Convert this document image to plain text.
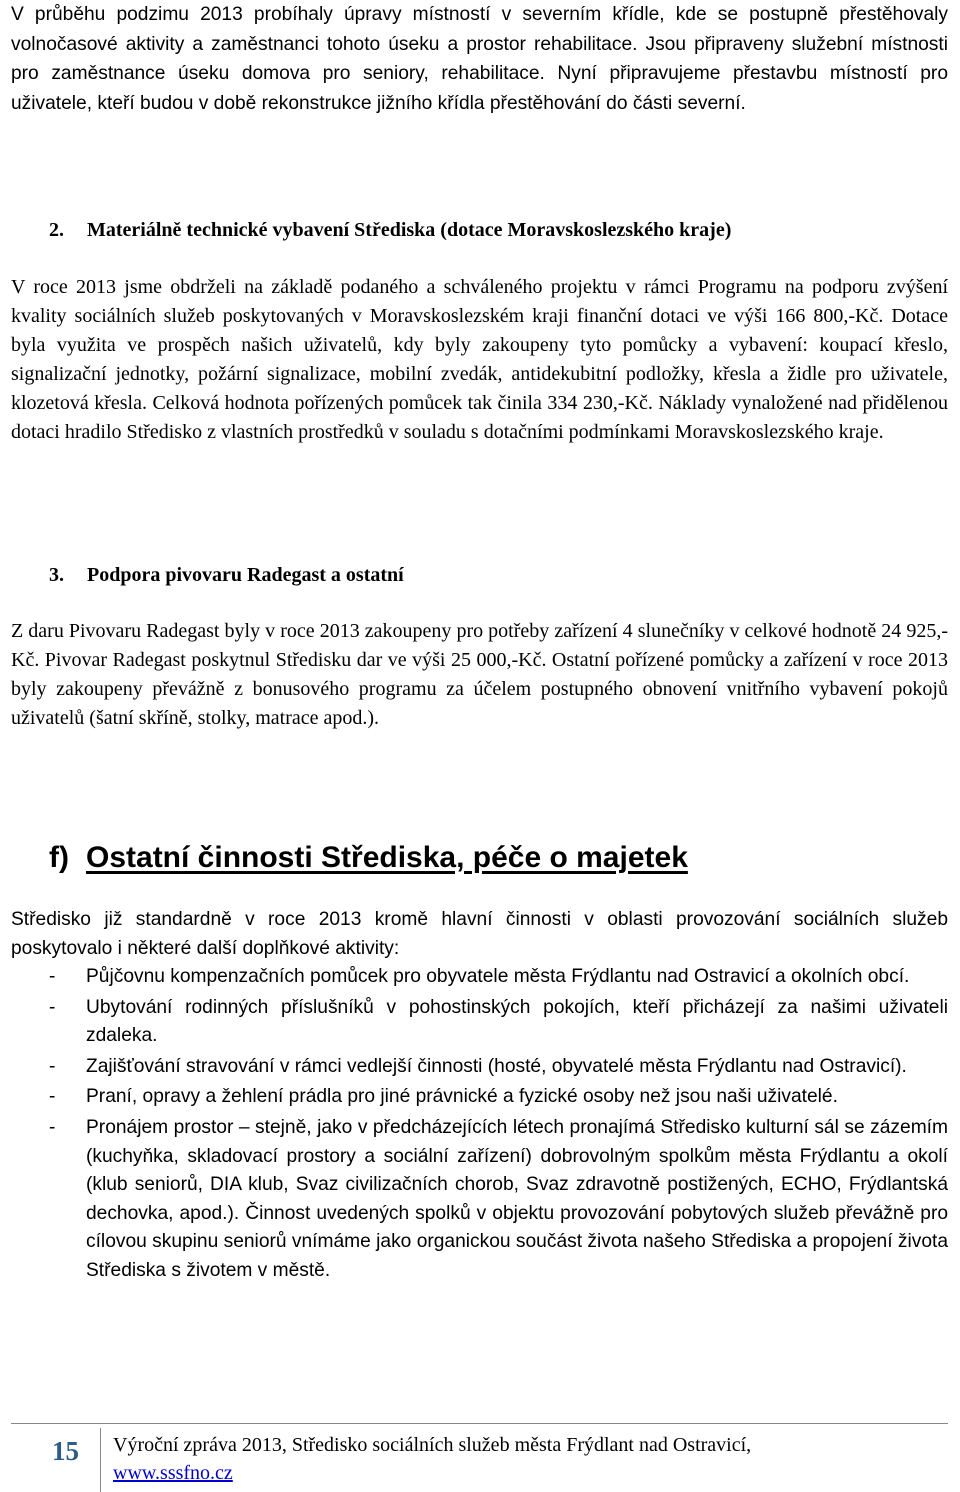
V průběhu podzimu 2013 probíhaly úpravy místností v severním křídle, kde se postupně přestěhovaly volnočasové aktivity a zaměstnanci tohoto úseku a prostor rehabilitace. Jsou připraveny služební místnosti pro zaměstnance úseku domova pro seniory, rehabilitace. Nyní připravujeme přestavbu místností pro uživatele, kteří budou v době rekonstrukce jižního křídla přestěhování do části severní.

2. Materiálně technické vybavení Střediska (dotace Moravskoslezského kraje)

V roce 2013 jsme obdrželi na základě podaného a schváleného projektu v rámci Programu na podporu zvýšení kvality sociálních služeb poskytovaných v Moravskoslezském kraji finanční dotaci ve výši 166 800,-Kč. Dotace byla využita ve prospěch našich uživatelů, kdy byly zakoupeny tyto pomůcky a vybavení: koupací křeslo, signalizační jednotky, požární signalizace, mobilní zvedák, antidekubitní podložky, křesla a židle pro uživatele, klozetová křesla. Celková hodnota pořízených pomůcek tak činila 334 230,-Kč. Náklady vynaložené nad přidělenou dotaci hradilo Středisko z vlastních prostředků v souladu s dotačními podmínkami Moravskoslezského kraje.

3. Podpora pivovaru Radegast a ostatní

Z daru Pivovaru Radegast byly v roce 2013 zakoupeny pro potřeby zařízení 4 slunečníky v celkové hodnotě 24 925,-Kč. Pivovar Radegast poskytnul Středisku dar ve výši 25 000,-Kč. Ostatní pořízené pomůcky a zařízení v roce 2013 byly zakoupeny převážně z bonusového programu za účelem postupného obnovení vnitřního vybavení pokojů uživatelů (šatní skříně, stolky, matrace apod.).

f) Ostatní činnosti Střediska, péče o majetek

Středisko již standardně v roce 2013 kromě hlavní činnosti v oblasti provozování sociálních služeb poskytovalo i některé další doplňkové aktivity:

- Půjčovnu kompenzačních pomůcek pro obyvatele města Frýdlantu nad Ostravicí a okolních obcí.
- Ubytování rodinných příslušníků v pohostinských pokojích, kteří přicházejí za našimi uživateli zdaleka.
- Zajišťování stravování v rámci vedlejší činnosti (hosté, obyvatelé města Frýdlantu nad Ostravicí).
- Praní, opravy a žehlení prádla pro jiné právnické a fyzické osoby než jsou naši uživatelé.
- Pronájem prostor – stejně, jako v předcházejících létech pronajímá Středisko kulturní sál se zázemím (kuchyňka, skladovací prostory a sociální zařízení) dobrovolným spolkům města Frýdlantu a okolí (klub seniorů, DIA klub, Svaz civilizačních chorob, Svaz zdravotně postižených, ECHO, Frýdlantská dechovka, apod.). Činnost uvedených spolků v objektu provozování pobytových služeb převážně pro cílovou skupinu seniorů vnímáme jako organickou součást života našeho Střediska a propojení života Střediska s životem v městě.
15	Výroční zpráva 2013, Středisko sociálních služeb města Frýdlant nad Ostravicí,
www.sssfno.cz
